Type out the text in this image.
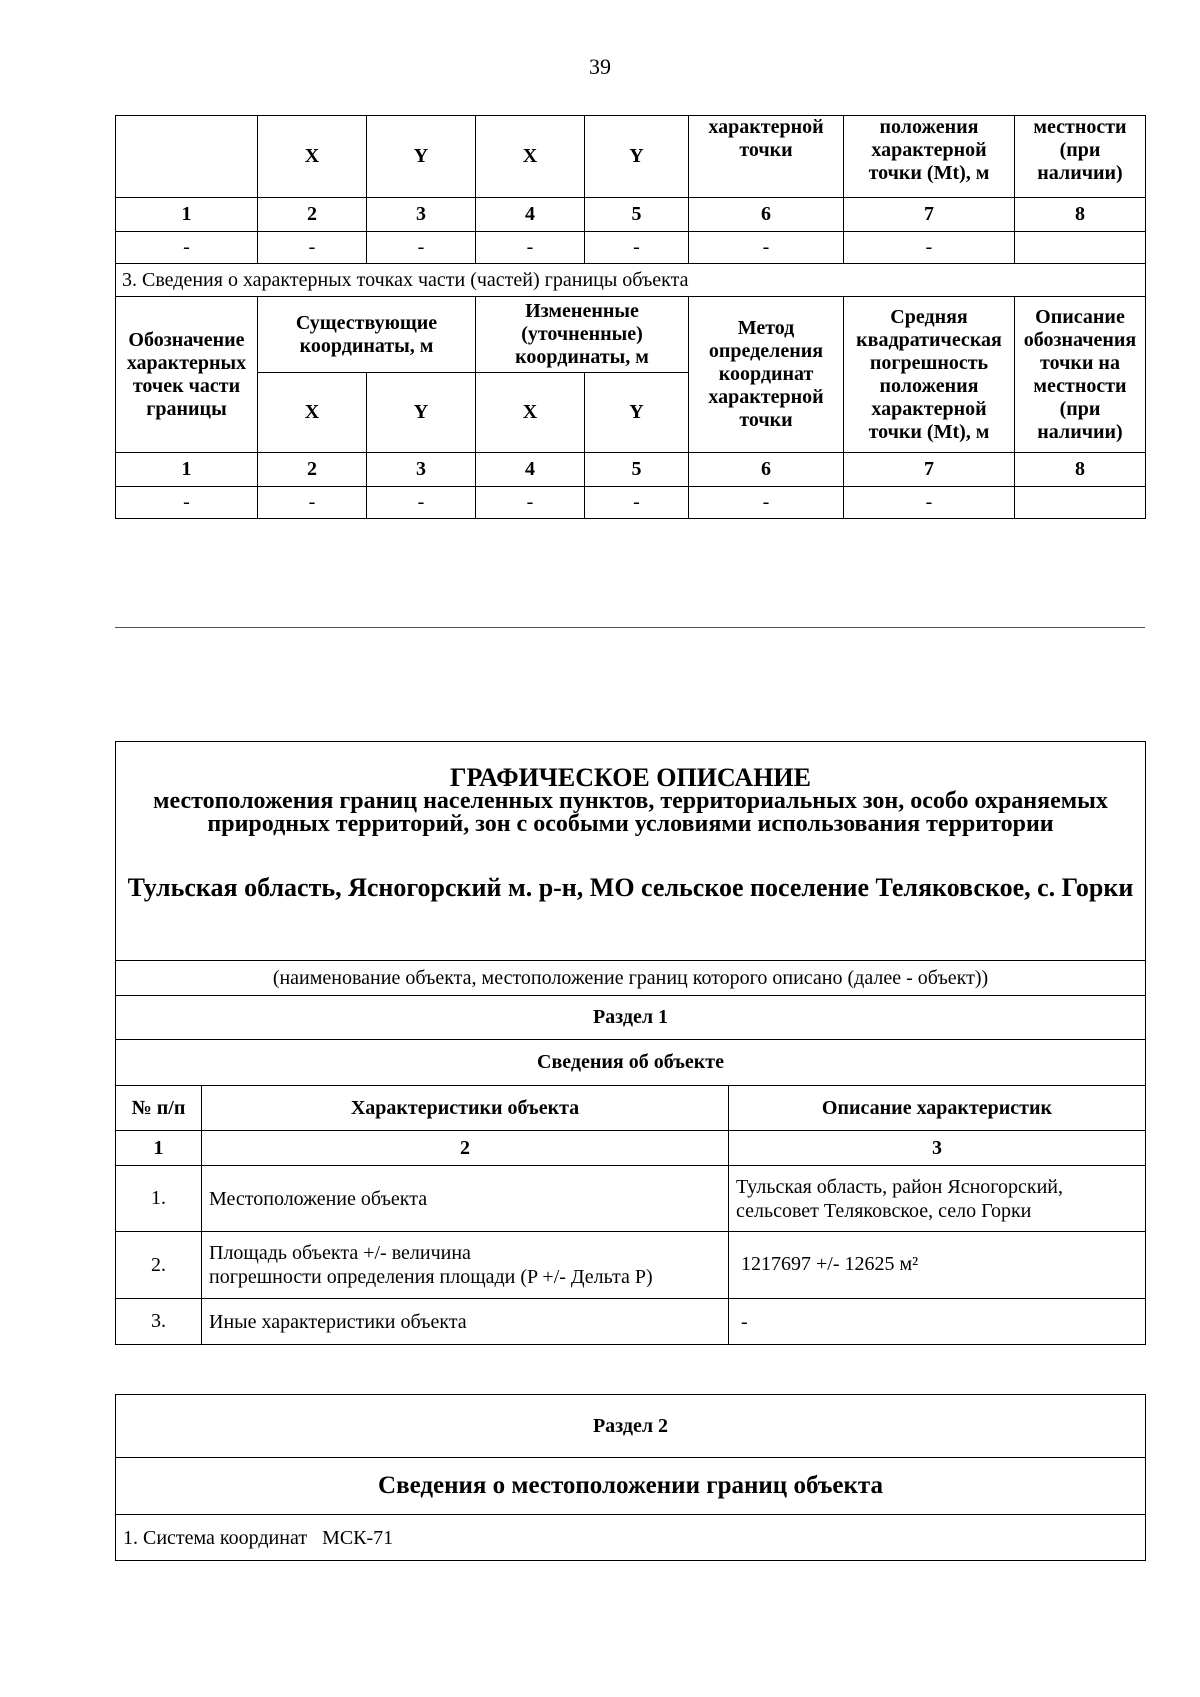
39
	X	Y	X	Y	характерной точки	положения характерной точки (Mt), м	местности (при наличии)
1	2	3	4	5	6	7	8
-	-	-	-	-	-	-	
3. Сведения о характерных точках части (частей) границы объекта							
Обозначение характерных точек части границы	Существующие координаты, м		Измененные (уточненные) координаты, м		Метод определения координат характерной точки	Средняя квадратическая погрешность положения характерной точки (Mt), м	Описание обозначения точки на местности (при наличии)
	X	Y	X	Y			
1	2	3	4	5	6	7	8
-	-	-	-	-	-	-	
ГРАФИЧЕСКОЕ ОПИСАНИЕ
местоположения границ населенных пунктов, территориальных зон, особо охраняемых природных территорий, зон с особыми условиями использования территории
Тульская область, Ясногорский м. р-н, МО сельское поселение Теляковское, с. Горки		

(наименование объекта, местоположение границ которого описано (далее - объект))		
Раздел 1		
Сведения об объекте		
№ п/п	Характеристики объекта	Описание характеристик
1	2	3
1.	Местоположение объекта	Тульская область, район Ясногорский,
сельсовет Теляковское, село Горки

2.	Площадь объекта +/- величина
погрешности определения площади (P +/- Дельта P)	1217697 +/- 12625 м²
3.	Иные характеристики объекта	-
Раздел 2
Сведения о местоположении границ объекта
1. Система координат МСК-71
